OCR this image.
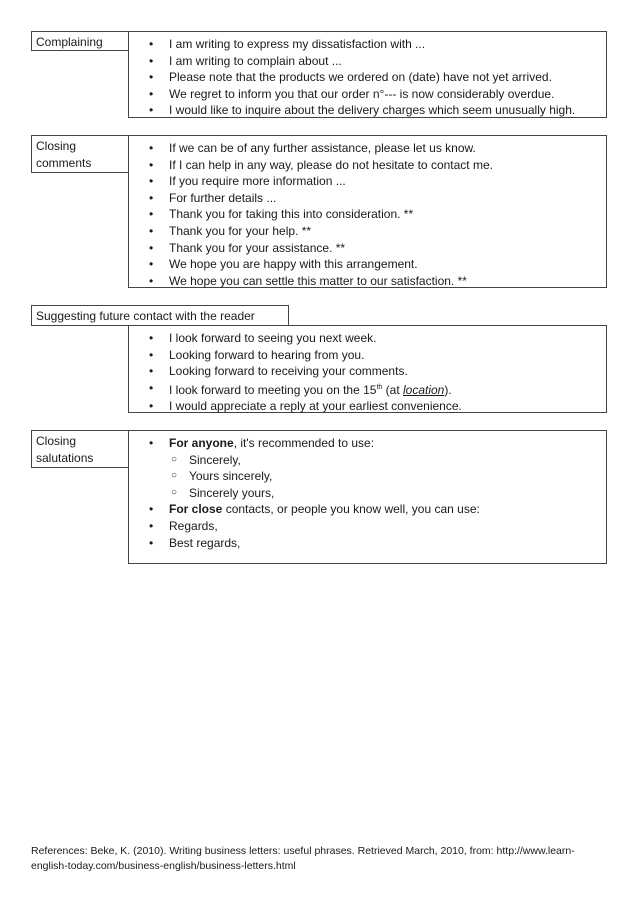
Complaining	• I am writing to express my dissatisfaction with ...
• I am writing to complain about ...
• Please note that the products we ordered on (date) have not yet arrived.
• We regret to inform you that our order n°--- is now considerably overdue.
• I would like to inquire about the delivery charges which seem unusually high.
Closing
comments
• If we can be of any further assistance, please let us know.
• If I can help in any way, please do not hesitate to contact me.
• If you require more information ...
• For further details ...
• Thank you for taking this into consideration. **
• Thank you for your help. **
• Thank you for your assistance. **
• We hope you are happy with this arrangement.
• We hope you can settle this matter to our satisfaction. **
Suggesting future contact with the reader
• I look forward to seeing you next week.
• Looking forward to hearing from you.
• Looking forward to receiving your comments.
• I look forward to meeting you on the 15th (at location).
• I would appreciate a reply at your earliest convenience.
Closing
salutations
• For anyone, it's recommended to use:
○ Sincerely,
○ Yours sincerely,
○ Sincerely yours,
• For close contacts, or people you know well, you can use:
• Regards,
• Best regards,
References: Beke, K. (2010). Writing business letters: useful phrases. Retrieved March, 2010, from: http://www.learn-english-today.com/business-english/business-letters.html
